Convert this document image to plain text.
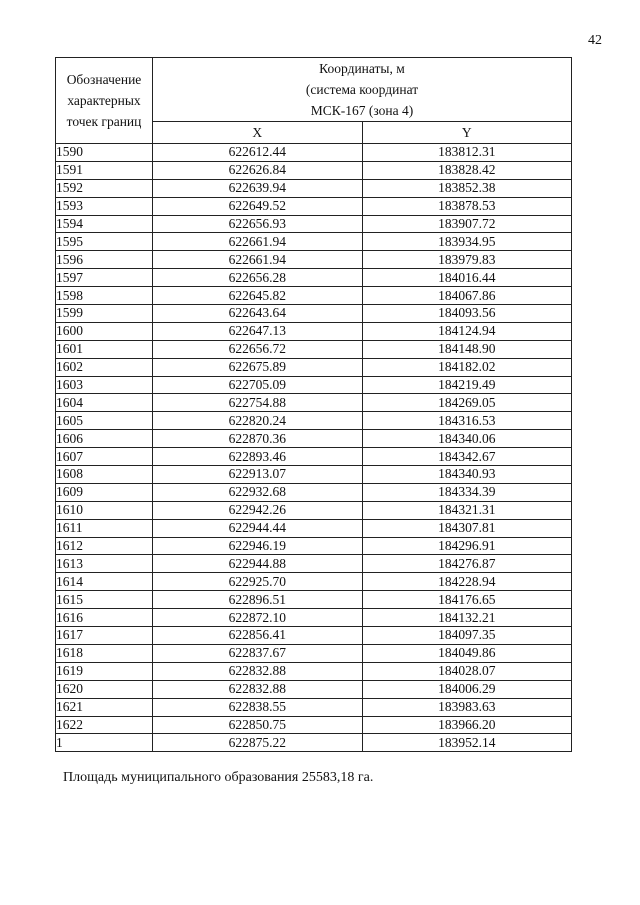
42
Обозначение характерных точек границ	Координаты, м
(система координат
МСК-167 (зона 4)	

	X	Y
1590	622612.44	183812.31
1591	622626.84	183828.42
1592	622639.94	183852.38
1593	622649.52	183878.53
1594	622656.93	183907.72
1595	622661.94	183934.95
1596	622661.94	183979.83
1597	622656.28	184016.44
1598	622645.82	184067.86
1599	622643.64	184093.56
1600	622647.13	184124.94
1601	622656.72	184148.90
1602	622675.89	184182.02
1603	622705.09	184219.49
1604	622754.88	184269.05
1605	622820.24	184316.53
1606	622870.36	184340.06
1607	622893.46	184342.67
1608	622913.07	184340.93
1609	622932.68	184334.39
1610	622942.26	184321.31
1611	622944.44	184307.81
1612	622946.19	184296.91
1613	622944.88	184276.87
1614	622925.70	184228.94
1615	622896.51	184176.65
1616	622872.10	184132.21
1617	622856.41	184097.35
1618	622837.67	184049.86
1619	622832.88	184028.07
1620	622832.88	184006.29
1621	622838.55	183983.63
1622	622850.75	183966.20
1	622875.22	183952.14
Площадь муниципального образования 25583,18 га.
